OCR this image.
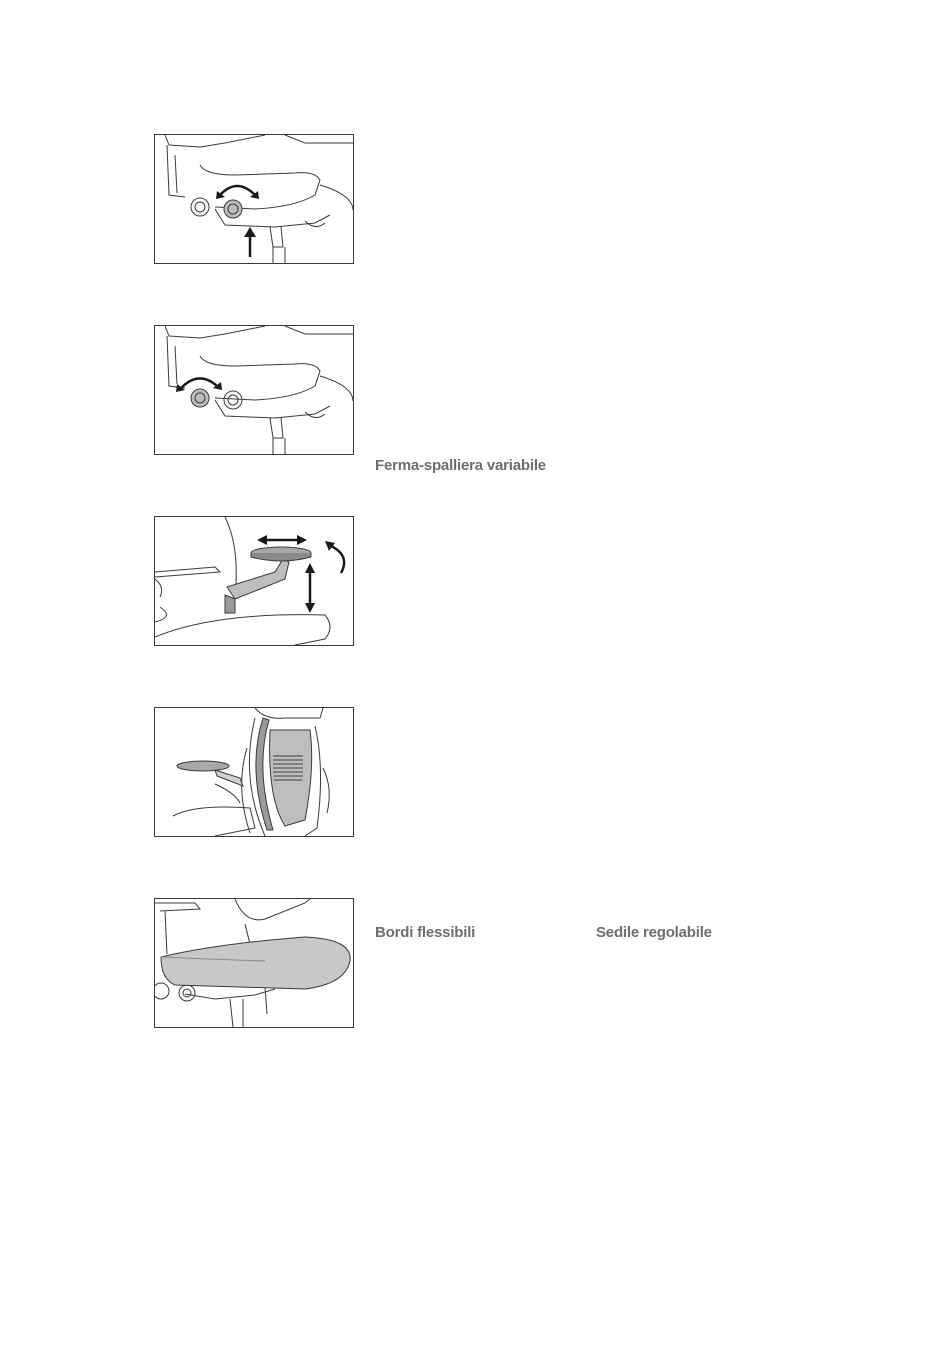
Ferma-spalliera variabile
Bordi flessibili	Sedile regolabile
